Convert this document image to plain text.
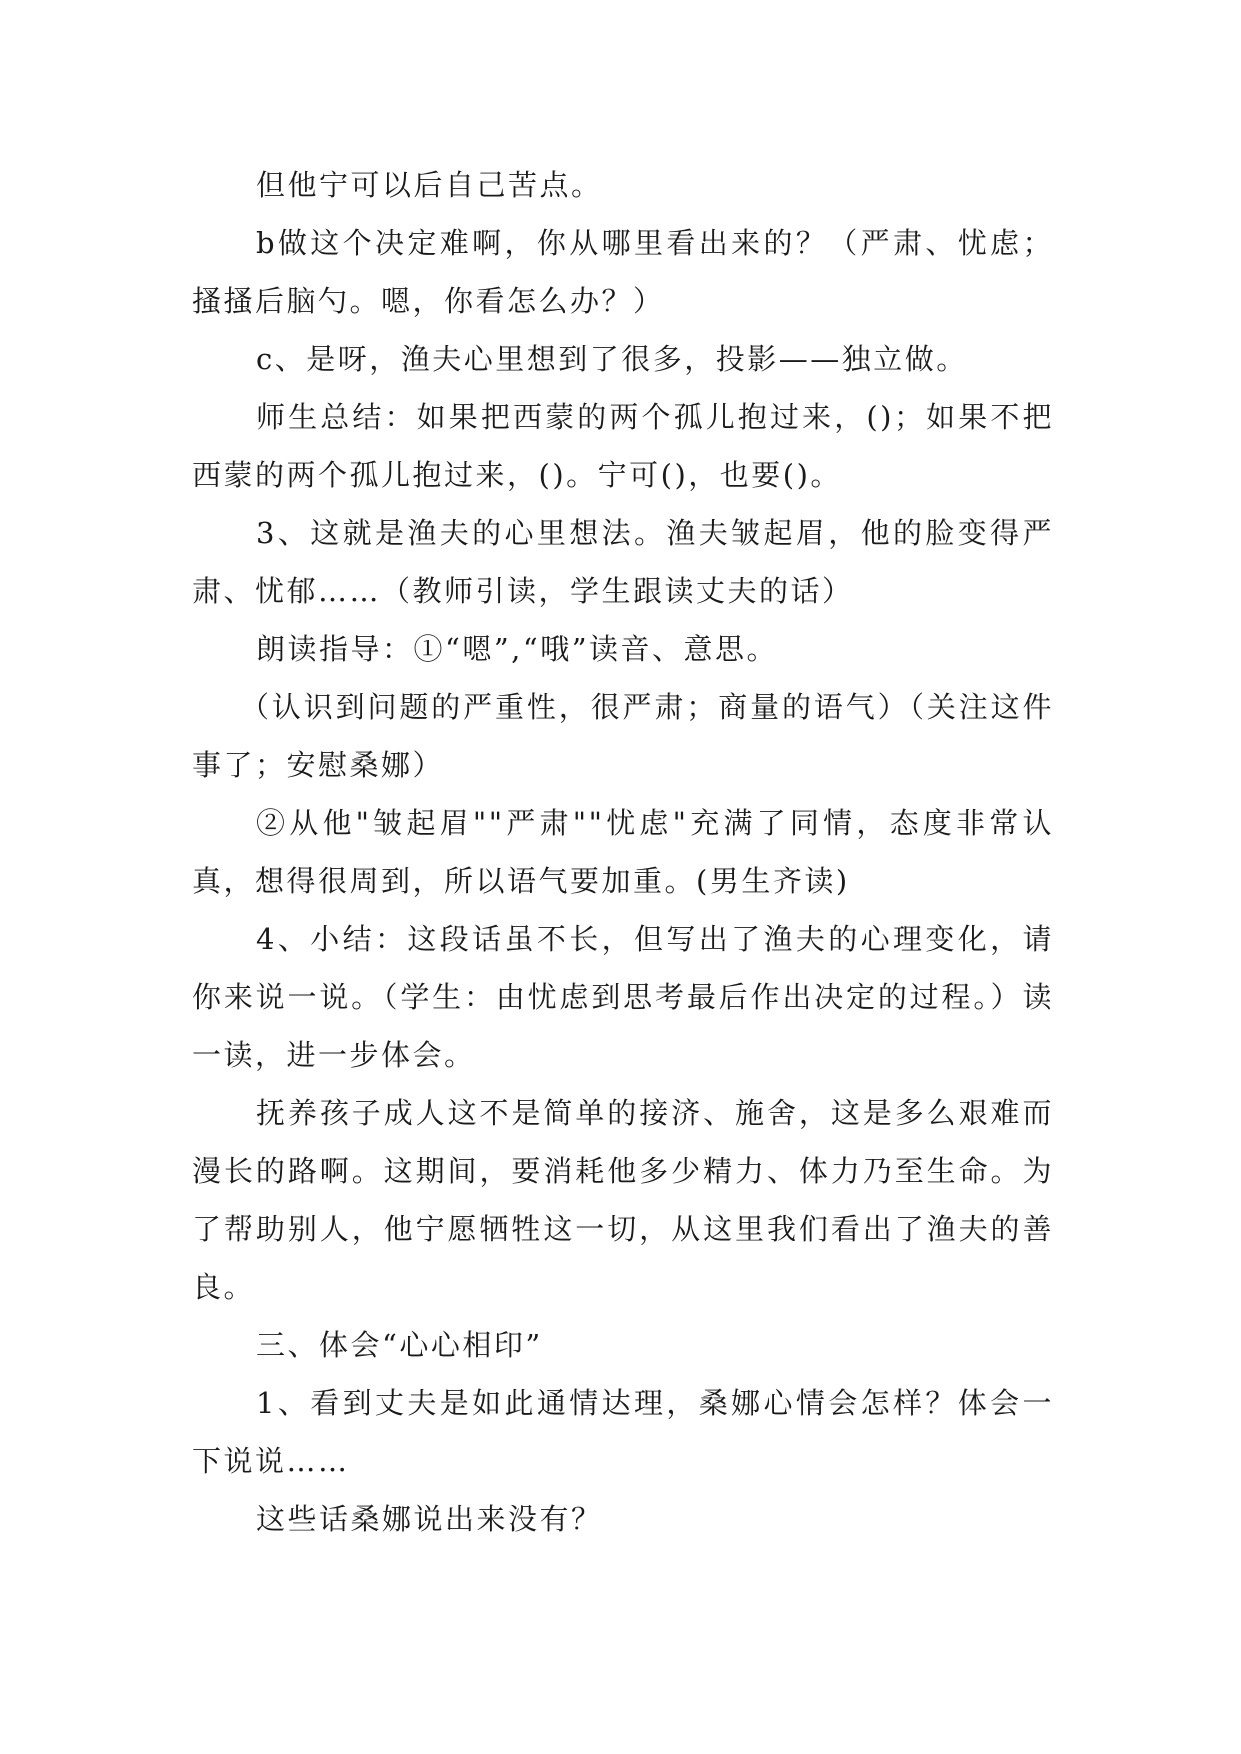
但他宁可以后自己苦点。

b做这个决定难啊，你从哪里看出来的？（严肃、忧虑；搔搔后脑勺。嗯，你看怎么办？）

c、是呀，渔夫心里想到了很多，投影——独立做。

师生总结：如果把西蒙的两个孤儿抱过来，()；如果不把西蒙的两个孤儿抱过来，()。宁可()，也要()。

3、这就是渔夫的心里想法。渔夫皱起眉，他的脸变得严肃、忧郁……（教师引读，学生跟读丈夫的话）

朗读指导：①“嗯”,“哦”读音、意思。

（认识到问题的严重性，很严肃；商量的语气）（关注这件事了；安慰桑娜）

②从他"皱起眉""严肃""忧虑"充满了同情，态度非常认真，想得很周到，所以语气要加重。(男生齐读)

4、小结：这段话虽不长，但写出了渔夫的心理变化，请你来说一说。（学生：由忧虑到思考最后作出决定的过程。）读一读，进一步体会。

抚养孩子成人这不是简单的接济、施舍，这是多么艰难而漫长的路啊。这期间，要消耗他多少精力、体力乃至生命。为了帮助别人，他宁愿牺牲这一切，从这里我们看出了渔夫的善良。

三、体会“心心相印”

1、看到丈夫是如此通情达理，桑娜心情会怎样？体会一下说说……

这些话桑娜说出来没有？
